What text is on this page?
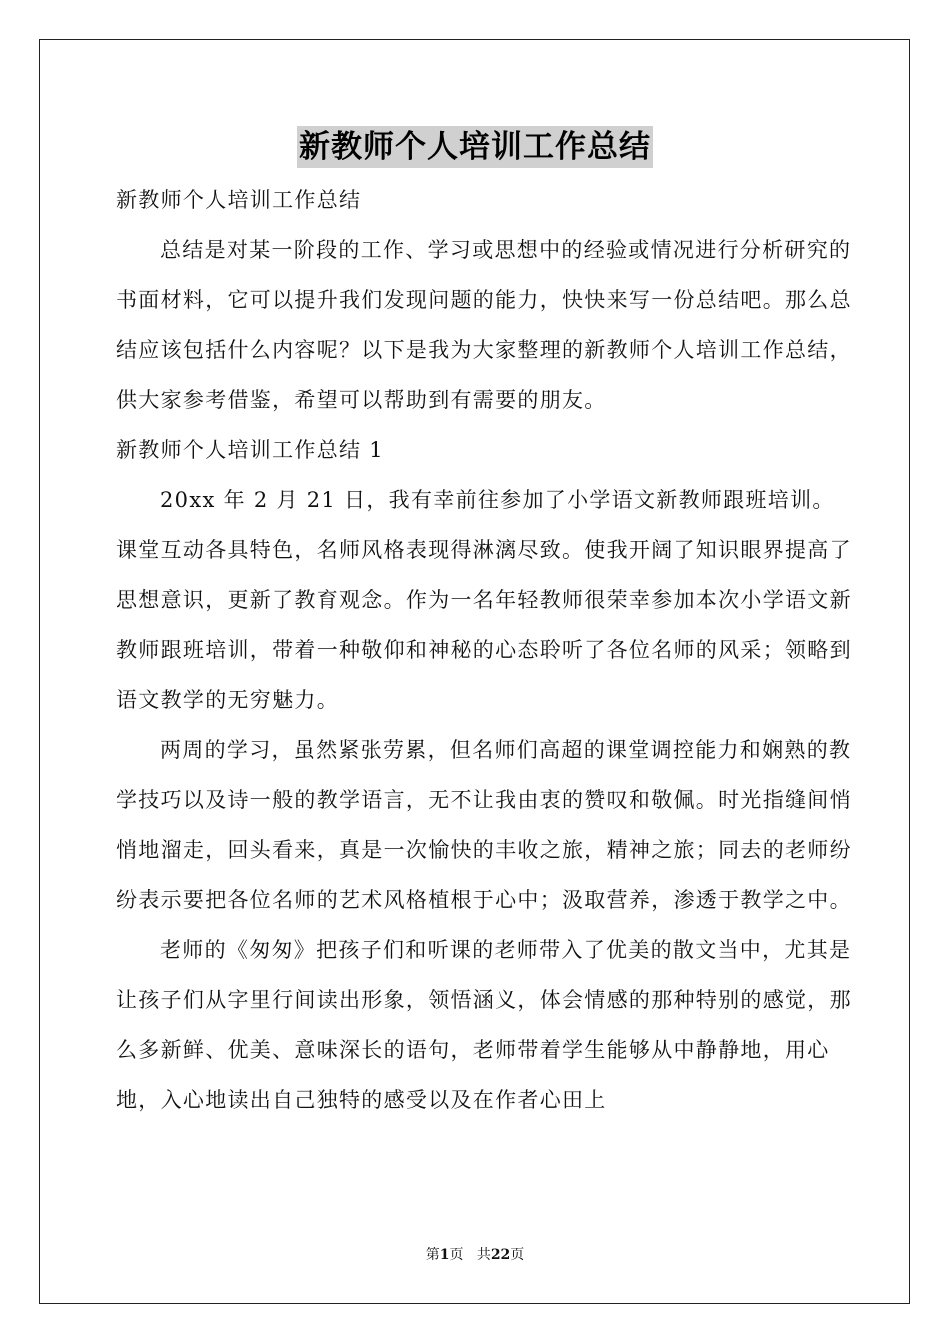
新教师个人培训工作总结

新教师个人培训工作总结

总结是对某一阶段的工作、学习或思想中的经验或情况进行分析研究的书面材料，它可以提升我们发现问题的能力，快快来写一份总结吧。那么总结应该包括什么内容呢？以下是我为大家整理的新教师个人培训工作总结，供大家参考借鉴，希望可以帮助到有需要的朋友。

新教师个人培训工作总结 1

20xx 年 2 月 21 日，我有幸前往参加了小学语文新教师跟班培训。课堂互动各具特色，名师风格表现得淋漓尽致。使我开阔了知识眼界提高了思想意识，更新了教育观念。作为一名年轻教师很荣幸参加本次小学语文新教师跟班培训，带着一种敬仰和神秘的心态聆听了各位名师的风采；领略到语文教学的无穷魅力。

两周的学习，虽然紧张劳累，但名师们高超的课堂调控能力和娴熟的教学技巧以及诗一般的教学语言，无不让我由衷的赞叹和敬佩。时光指缝间悄悄地溜走，回头看来，真是一次愉快的丰收之旅，精神之旅；同去的老师纷纷表示要把各位名师的艺术风格植根于心中；汲取营养，渗透于教学之中。

老师的《匆匆》把孩子们和听课的老师带入了优美的散文当中，尤其是让孩子们从字里行间读出形象，领悟涵义，体会情感的那种特别的感觉，那么多新鲜、优美、意味深长的语句，老师带着学生能够从中静静地，用心地，入心地读出自己独特的感受以及在作者心田上

第1页 共22页
